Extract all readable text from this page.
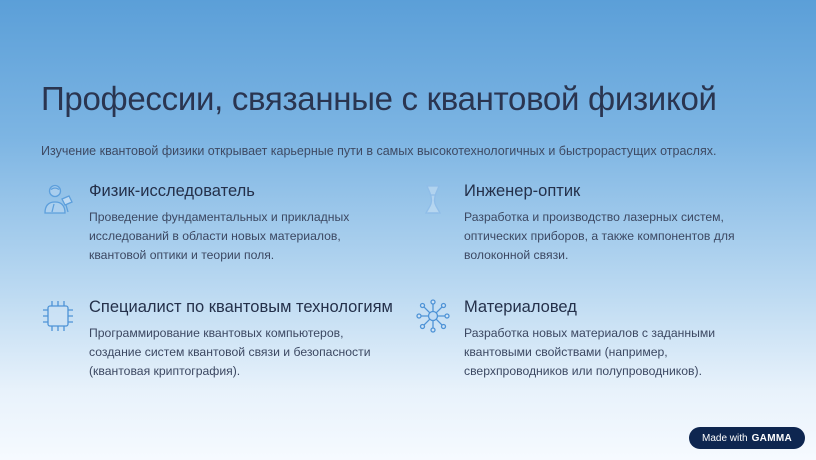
Профессии, связанные с квантовой физикой

Изучение квантовой физики открывает карьерные пути в самых высокотехнологичных и быстрорастущих отраслях.

Физик-исследователь

Проведение фундаментальных и прикладных исследований в области новых материалов, квантовой оптики и теории поля.

Инженер-оптик

Разработка и производство лазерных систем, оптических приборов, а также компонентов для волоконной связи.

Специалист по квантовым технологиям

Программирование квантовых компьютеров, создание систем квантовой связи и безопасности (квантовая криптография).

Материаловед

Разработка новых материалов с заданными квантовыми свойствами (например, сверхпроводников или полупроводников).

Made with GAMMA
